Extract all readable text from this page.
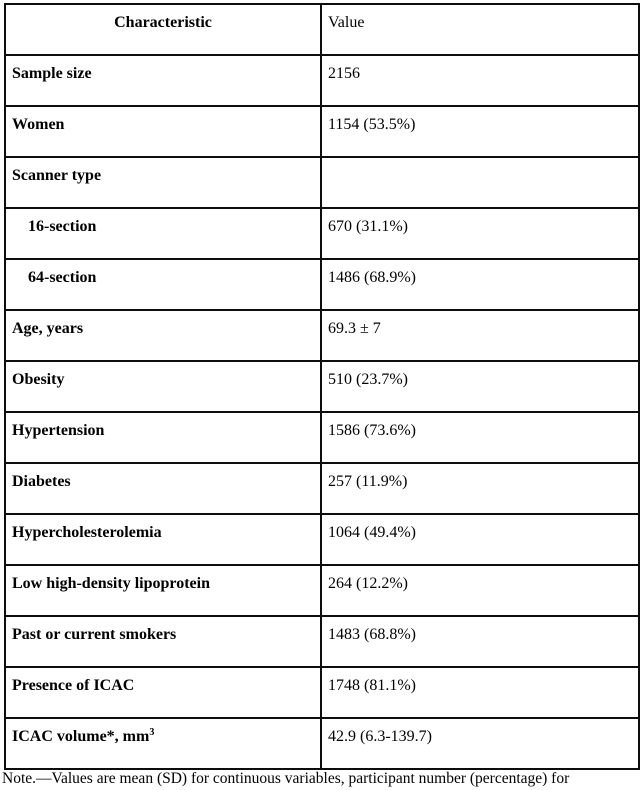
Characteristic	Value
Sample size	2156
Women	1154 (53.5%)
Scanner type	
16-section	670 (31.1%)
64-section	1486 (68.9%)
Age, years	69.3 ± 7
Obesity	510 (23.7%)
Hypertension	1586 (73.6%)
Diabetes	257 (11.9%)
Hypercholesterolemia	1064 (49.4%)
Low high-density lipoprotein	264 (12.2%)
Past or current smokers	1483 (68.8%)
Presence of ICAC	1748 (81.1%)
ICAC volume*, $mm^3$	42.9 (6.3-139.7)
Note.—Values are mean (SD) for continuous variables, participant number (percentage) for
